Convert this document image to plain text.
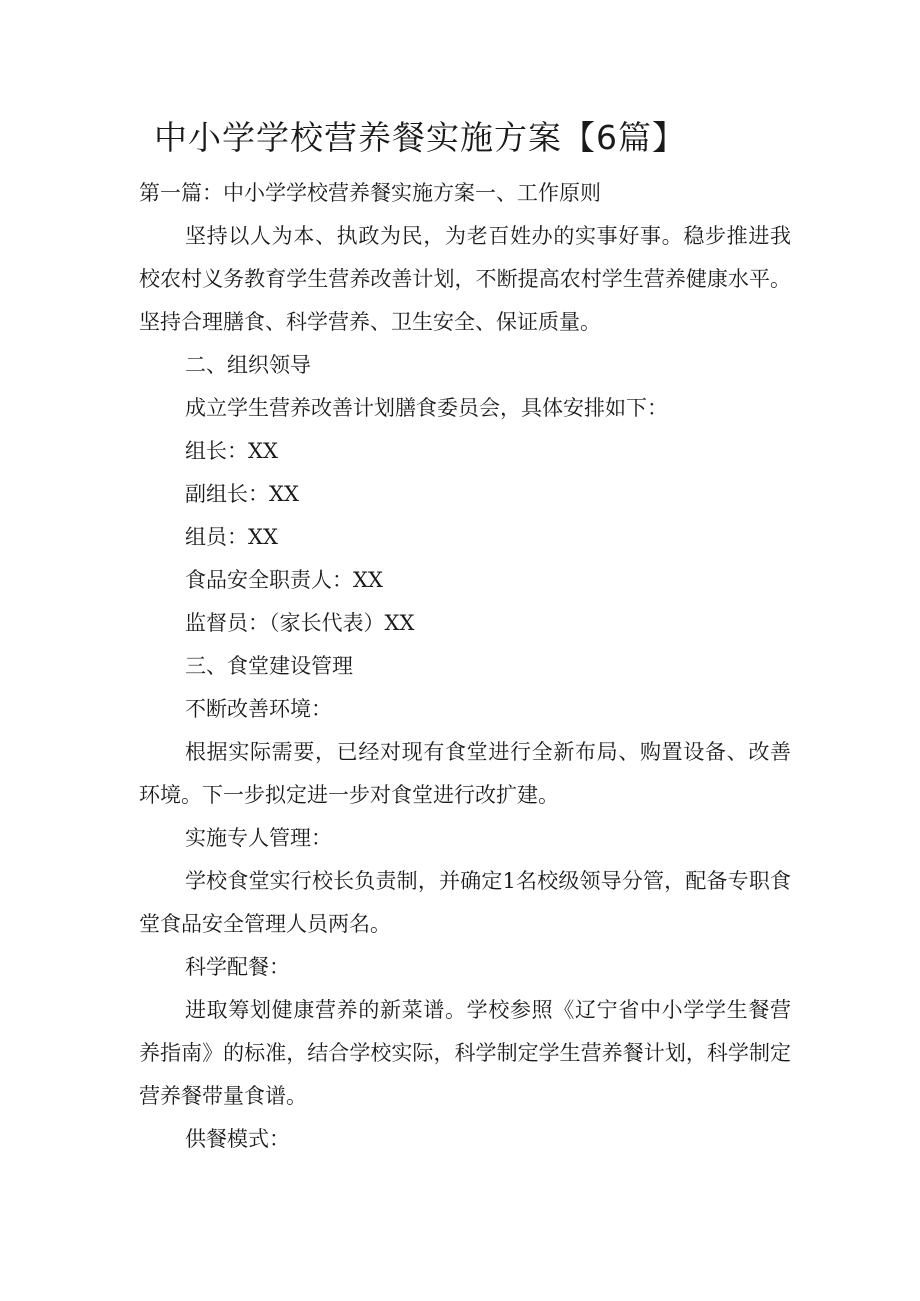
中小学学校营养餐实施方案【6篇】

第一篇：中小学学校营养餐实施方案一、工作原则

坚持以人为本、执政为民，为老百姓办的实事好事。稳步推进我校农村义务教育学生营养改善计划，不断提高农村学生营养健康水平。坚持合理膳食、科学营养、卫生安全、保证质量。

二、组织领导

成立学生营养改善计划膳食委员会，具体安排如下：

组长：XX

副组长：XX

组员：XX

食品安全职责人：XX

监督员：（家长代表）XX

三、食堂建设管理

不断改善环境：

根据实际需要，已经对现有食堂进行全新布局、购置设备、改善环境。下一步拟定进一步对食堂进行改扩建。

实施专人管理：

学校食堂实行校长负责制，并确定1名校级领导分管，配备专职食堂食品安全管理人员两名。

科学配餐：

进取筹划健康营养的新菜谱。学校参照《辽宁省中小学学生餐营养指南》的标准，结合学校实际，科学制定学生营养餐计划，科学制定营养餐带量食谱。

供餐模式：
